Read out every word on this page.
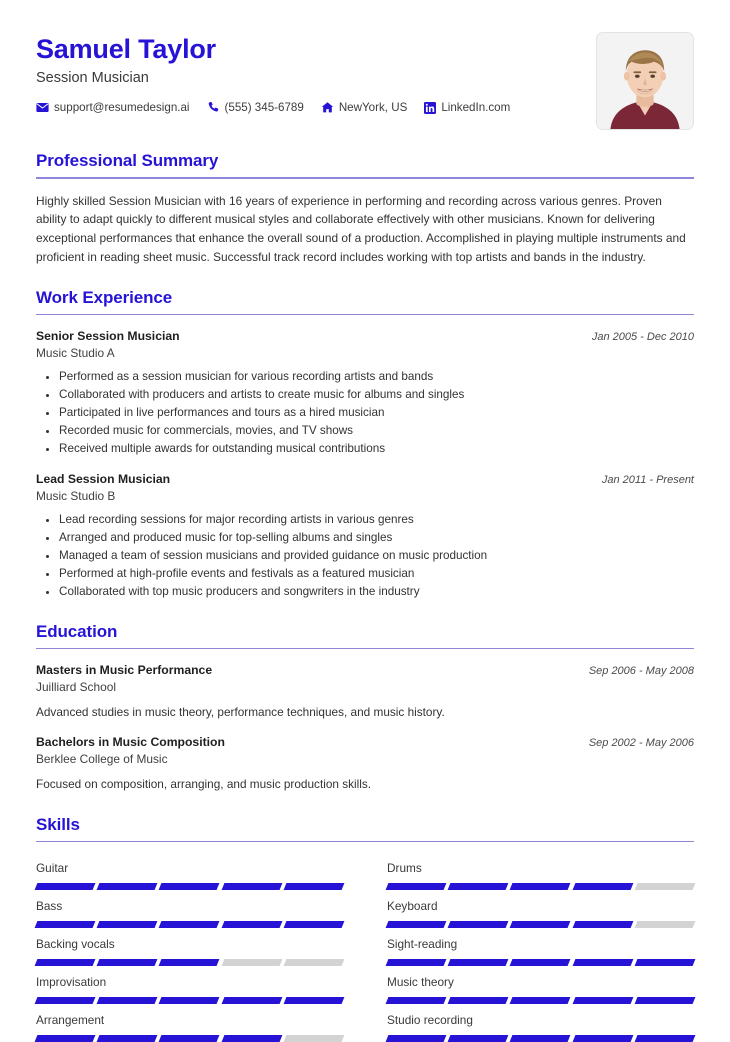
Samuel Taylor
Session Musician
support@resumedesign.ai	(555) 345-6789	NewYork, US	LinkedIn.com
Professional Summary

Highly skilled Session Musician with 16 years of experience in performing and recording across various genres. Proven ability to adapt quickly to different musical styles and collaborate effectively with other musicians. Known for delivering exceptional performances that enhance the overall sound of a production. Accomplished in playing multiple instruments and proficient in reading sheet music. Successful track record includes working with top artists and bands in the industry.

Work Experience
Senior Session Musician	Jan 2005 - Dec 2010
Music Studio A
• Performed as a session musician for various recording artists and bands
• Collaborated with producers and artists to create music for albums and singles
• Participated in live performances and tours as a hired musician
• Recorded music for commercials, movies, and TV shows
• Received multiple awards for outstanding musical contributions
Lead Session Musician	Jan 2011 - Present
Music Studio B
• Lead recording sessions for major recording artists in various genres
• Arranged and produced music for top-selling albums and singles
• Managed a team of session musicians and provided guidance on music production
• Performed at high-profile events and festivals as a featured musician
• Collaborated with top music producers and songwriters in the industry
Education
Masters in Music Performance	Sep 2006 - May 2008
Juilliard School
Advanced studies in music theory, performance techniques, and music history.
Bachelors in Music Composition	Sep 2002 - May 2006
Berklee College of Music
Focused on composition, arranging, and music production skills.
Skills
Guitar	Drums
Bass	Keyboard
Backing vocals	Sight-reading
Improvisation	Music theory
Arrangement	Studio recording
